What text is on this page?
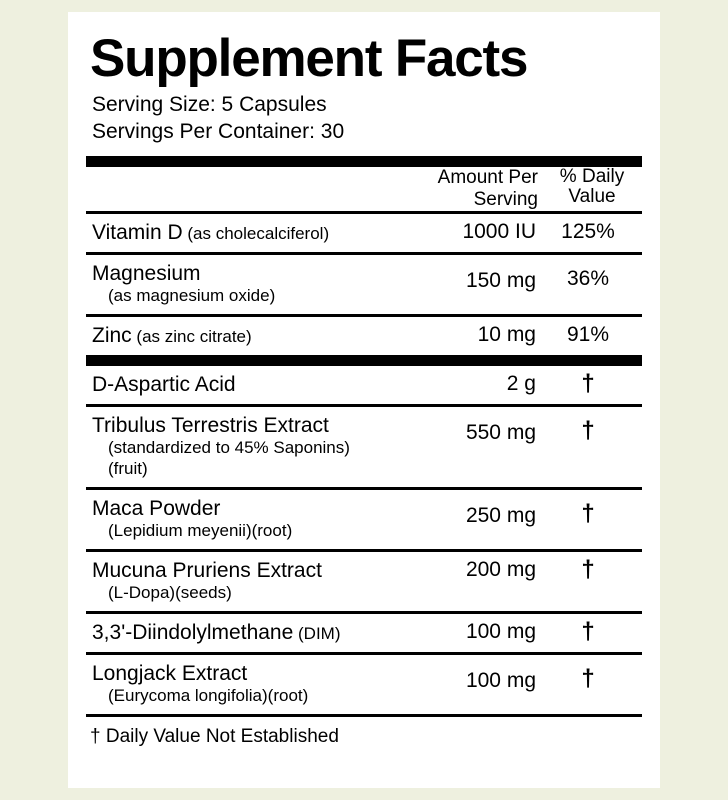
Supplement Facts
Serving Size: 5 Capsules
Servings Per Container: 30
	Amount Per Serving	% Daily
Value

Vitamin D (as cholecalciferol)	1000 IU	125%

Magnesium
(as magnesium oxide)	150 mg	36%

Zinc (as zinc citrate)	10 mg	91%

D-Aspartic Acid	2 g	†

Tribulus Terrestris Extract
(standardized to 45% Saponins)
(fruit)	550 mg	†

Maca Powder
(Lepidium meyenii)(root)	250 mg	†

Mucuna Pruriens Extract
(L-Dopa)(seeds)	200 mg	†

3,3'-Diindolylmethane (DIM)	100 mg	†

Longjack Extract
(Eurycoma longifolia)(root)	100 mg	†

† Daily Value Not Established
